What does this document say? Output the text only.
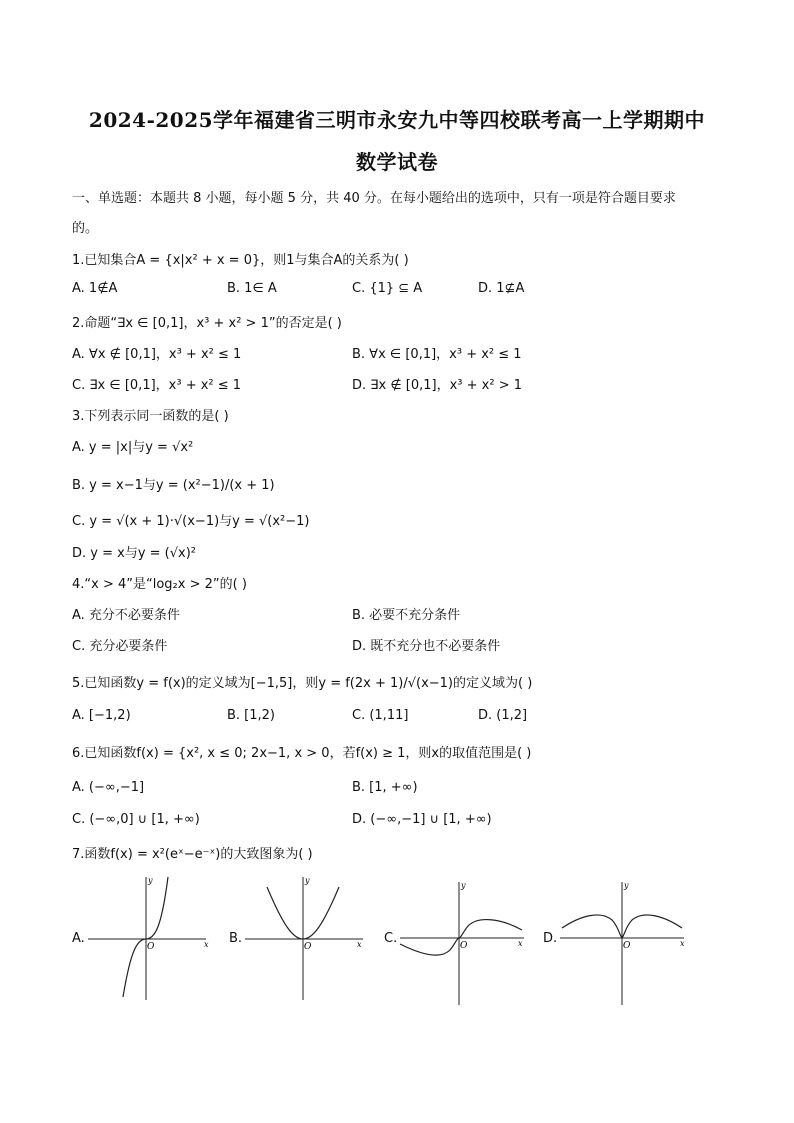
2024-2025学年福建省三明市永安九中等四校联考高一上学期期中
数学试卷
一、单选题：本题共 8 小题，每小题 5 分，共 40 分。在每小题给出的选项中，只有一项是符合题目要求
的。
1.已知集合A = {x|x² + x = 0}，则1与集合A的关系为( )
A. 1∉A	B. 1∈ A	C. {1} ⊆ A	D. 1⊈A
2.命题“∃x ∈ [0,1]，x³ + x² > 1”的否定是( )
A. ∀x ∉ [0,1]，x³ + x² ≤ 1	B. ∀x ∈ [0,1]，x³ + x² ≤ 1
C. ∃x ∈ [0,1]，x³ + x² ≤ 1	D. ∃x ∉ [0,1]，x³ + x² > 1
3.下列表示同一函数的是( )
A. y = |x|与y = √x²
B. y = x−1与y = (x²−1)/(x + 1)
C. y = √(x + 1)·√(x−1)与y = √(x²−1)
D. y = x与y = (√x)²
4.“x > 4”是“log₂x > 2”的( )
A. 充分不必要条件	B. 必要不充分条件
C. 充分必要条件	D. 既不充分也不必要条件
5.已知函数y = f(x)的定义域为[−1,5]，则y = f(2x + 1)/√(x−1)的定义域为( )
A. [−1,2)	B. [1,2)	C. (1,11]	D. (1,2]
6.已知函数f(x) = {x², x ≤ 0; 2x−1, x > 0，若f(x) ≥ 1，则x的取值范围是( )
A. (−∞,−1]	B. [1, +∞)
C. (−∞,0] ∪ [1, +∞)	D. (−∞,−1] ∪ [1, +∞)
7.函数f(x) = x²(eˣ−e⁻ˣ)的大致图象为( )
A.
y
x
O
B.
y
x
O
C.
y
x
O	D.
y
x
O
